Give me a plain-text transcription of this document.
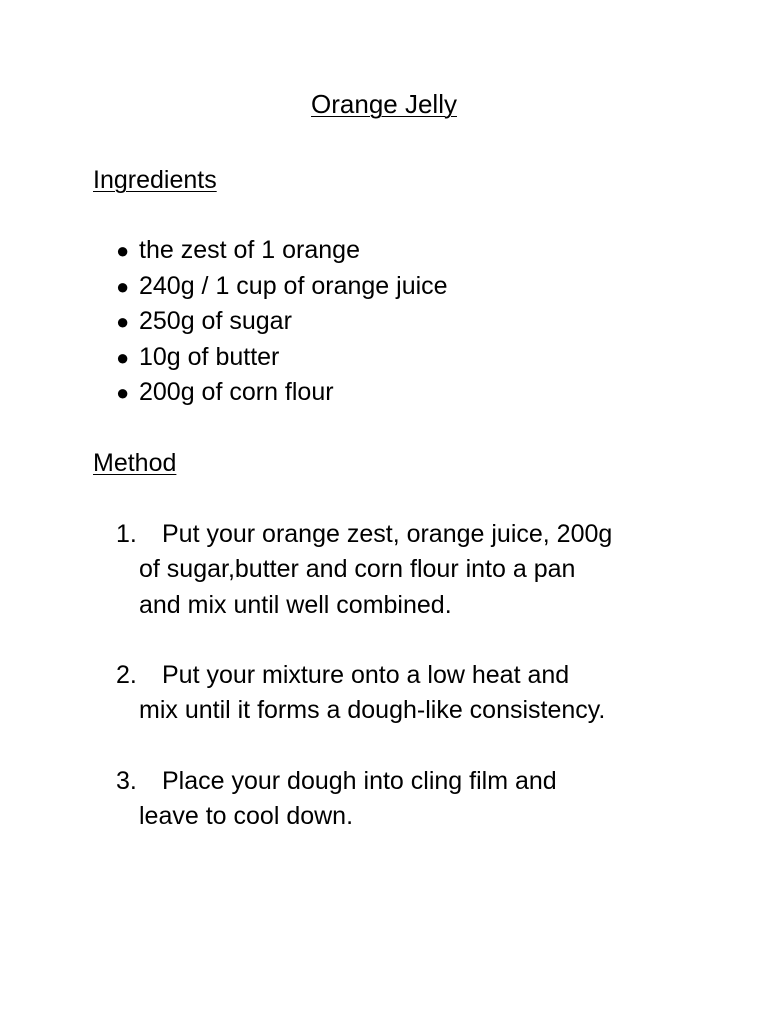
Orange Jelly
Ingredients
● the zest of 1 orange
● 240g / 1 cup of orange juice
● 250g of sugar
● 10g of butter
● 200g of corn flour
Method
1. Put your orange zest, orange juice, 200g
of sugar,butter and corn flour into a pan
and mix until well combined.
2. Put your mixture onto a low heat and
mix until it forms a dough-like consistency.
3. Place your dough into cling film and
leave to cool down.
